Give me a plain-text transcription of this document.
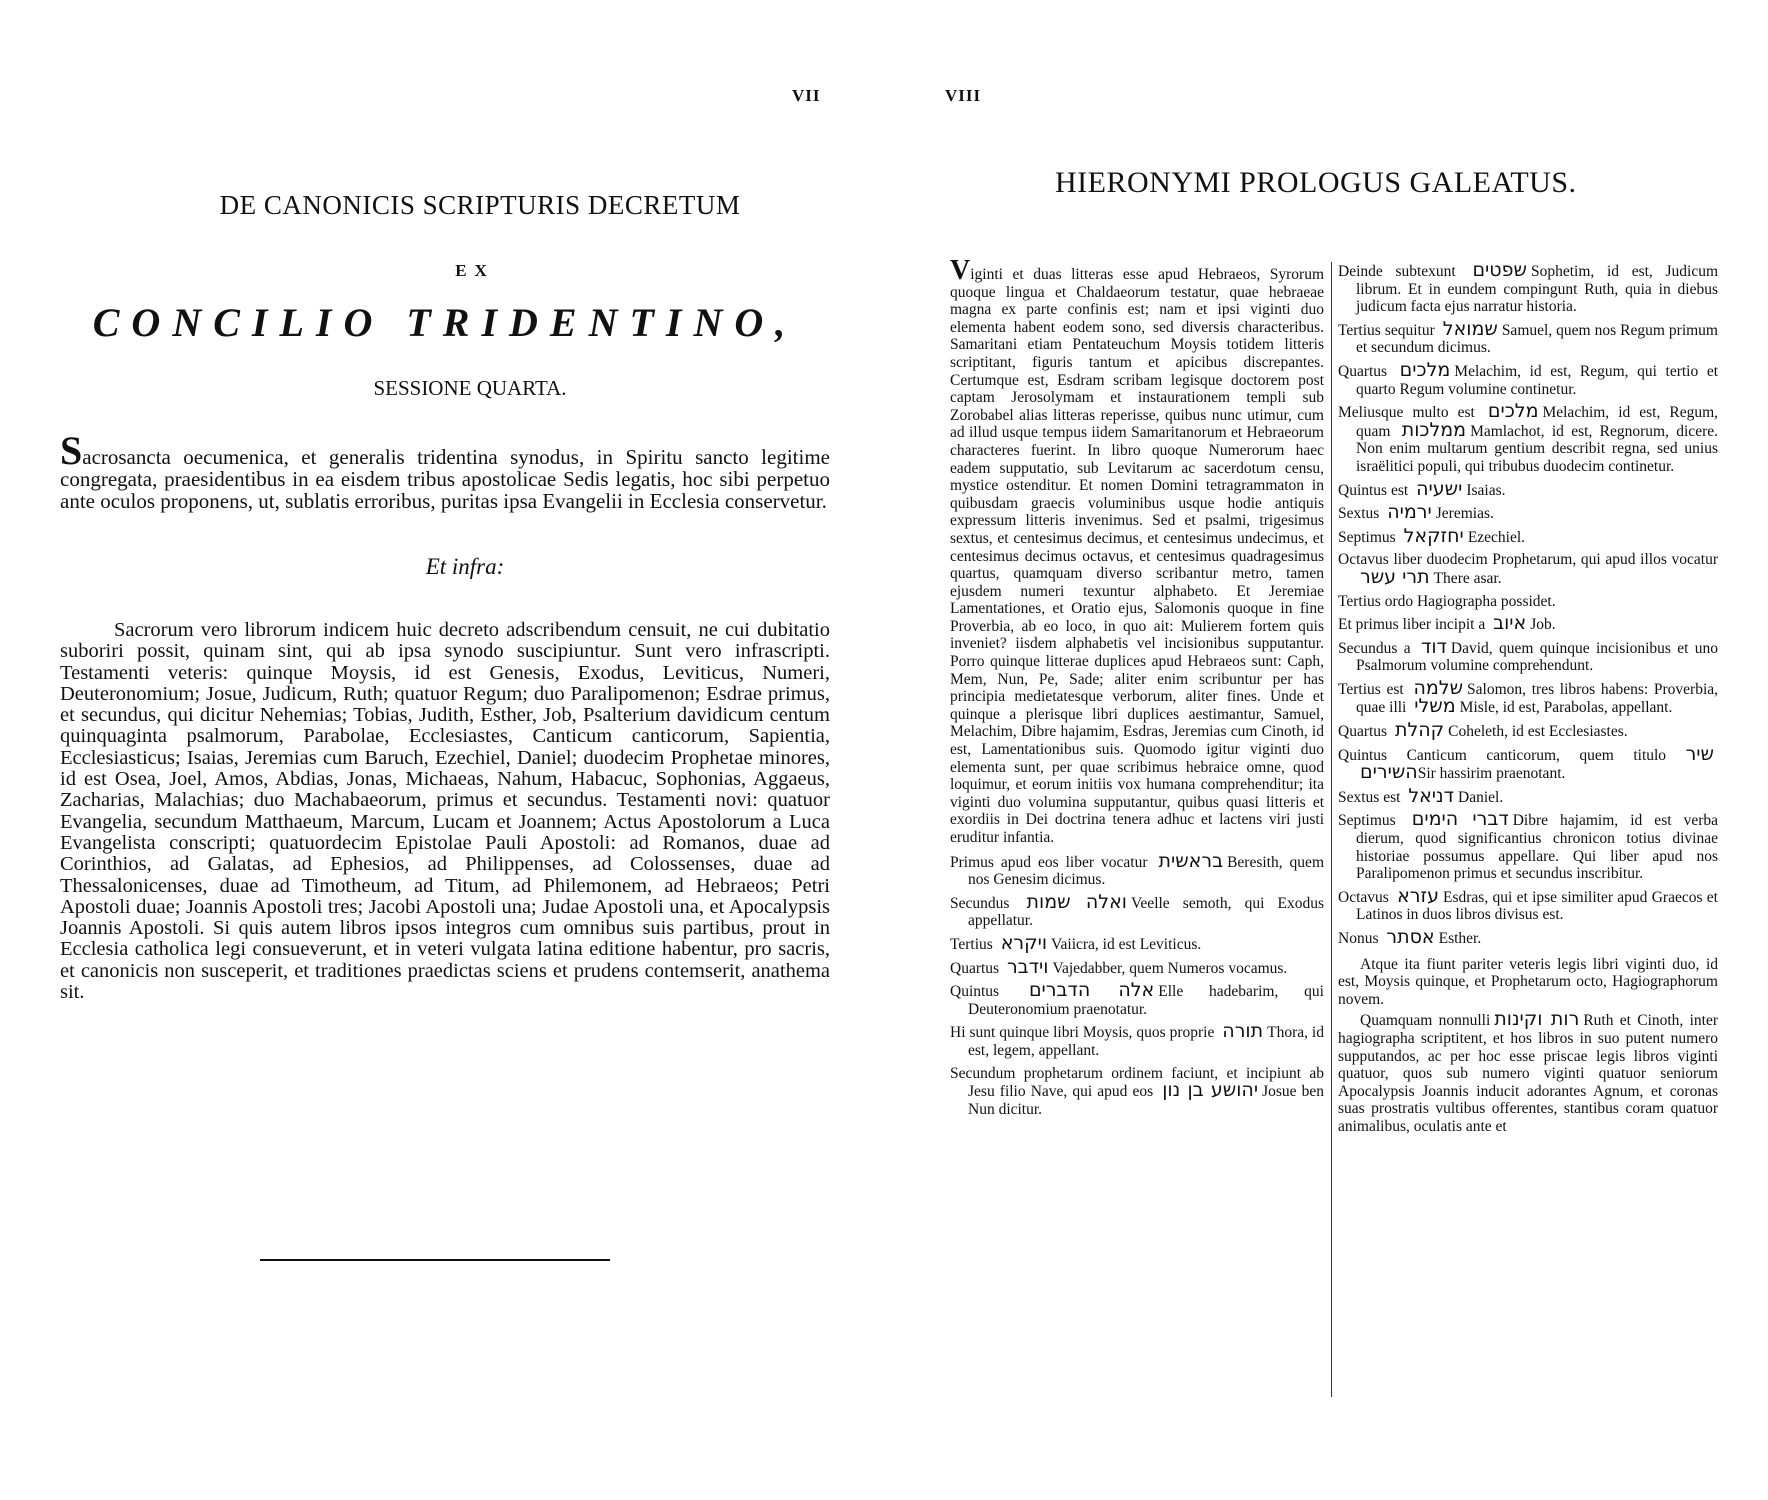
VII	VIII
DE CANONICIS SCRIPTURIS DECRETUM
EX
CONCILIO TRIDENTINO,
SESSIONE QUARTA.
Sacrosancta oecumenica, et generalis tridentina synodus, in Spiritu sancto legitime congregata, praesidentibus in ea eisdem tribus apostolicae Sedis legatis, hoc sibi perpetuo ante oculos proponens, ut, sublatis erroribus, puritas ipsa Evangelii in Ecclesia conservetur.
Et infra:
Sacrorum vero librorum indicem huic decreto adscribendum censuit, ne cui dubitatio suboriri possit, quinam sint, qui ab ipsa synodo suscipiuntur. Sunt vero infrascripti. Testamenti veteris: quinque Moysis, id est Genesis, Exodus, Leviticus, Numeri, Deuteronomium; Josue, Judicum, Ruth; quatuor Regum; duo Paralipomenon; Esdrae primus, et secundus, qui dicitur Nehemias; Tobias, Judith, Esther, Job, Psalterium davidicum centum quinquaginta psalmorum, Parabolae, Ecclesiastes, Canticum canticorum, Sapientia, Ecclesiasticus; Isaias, Jeremias cum Baruch, Ezechiel, Daniel; duodecim Prophetae minores, id est Osea, Joel, Amos, Abdias, Jonas, Michaeas, Nahum, Habacuc, Sophonias, Aggaeus, Zacharias, Malachias; duo Machabaeorum, primus et secundus. Testamenti novi: quatuor Evangelia, secundum Matthaeum, Marcum, Lucam et Joannem; Actus Apostolorum a Luca Evangelista conscripti; quatuordecim Epistolae Pauli Apostoli: ad Romanos, duae ad Corinthios, ad Galatas, ad Ephesios, ad Philippenses, ad Colossenses, duae ad Thessalonicenses, duae ad Timotheum, ad Titum, ad Philemonem, ad Hebraeos; Petri Apostoli duae; Joannis Apostoli tres; Jacobi Apostoli una; Judae Apostoli una, et Apocalypsis Joannis Apostoli. Si quis autem libros ipsos integros cum omnibus suis partibus, prout in Ecclesia catholica legi consueverunt, et in veteri vulgata latina editione habentur, pro sacris, et canonicis non susceperit, et traditiones praedictas sciens et prudens contemserit, anathema sit.
HIERONYMI PROLOGUS GALEATUS.
Viginti et duas litteras esse apud Hebraeos, Syrorum quoque lingua et Chaldaeorum testatur, quae hebraeae magna ex parte confinis est; nam et ipsi viginti duo elementa habent eodem sono, sed diversis characteribus. Samaritani etiam Pentateuchum Moysis totidem litteris scriptitant, figuris tantum et apicibus discrepantes. Certumque est, Esdram scribam legisque doctorem post captam Jerosolymam et instaurationem templi sub Zorobabel alias litteras reperisse, quibus nunc utimur, cum ad illud usque tempus iidem Samaritanorum et Hebraeorum characteres fuerint. In libro quoque Numerorum haec eadem supputatio, sub Levitarum ac sacerdotum censu, mystice ostenditur. Et nomen Domini tetragrammaton in quibusdam graecis voluminibus usque hodie antiquis expressum litteris invenimus. Sed et psalmi, trigesimus sextus, et centesimus decimus, et centesimus undecimus, et centesimus decimus octavus, et centesimus quadragesimus quartus, quamquam diverso scribantur metro, tamen ejusdem numeri texuntur alphabeto. Et Jeremiae Lamentationes, et Oratio ejus, Salomonis quoque in fine Proverbia, ab eo loco, in quo ait: Mulierem fortem quis inveniet? iisdem alphabetis vel incisionibus supputantur. Porro quinque litterae duplices apud Hebraeos sunt: Caph, Mem, Nun, Pe, Sade; aliter enim scribuntur per has principia medietatesque verborum, aliter fines. Unde et quinque a plerisque libri duplices aestimantur, Samuel, Melachim, Dibre hajamim, Esdras, Jeremias cum Cinoth, id est, Lamentationibus suis. Quomodo igitur viginti duo elementa sunt, per quae scribimus hebraice omne, quod loquimur, et eorum initiis vox humana comprehenditur; ita viginti duo volumina supputantur, quibus quasi litteris et exordiis in Dei doctrina tenera adhuc et lactens viri justi eruditur infantia.
Primus apud eos liber vocatur בראשית Beresith, quem nos Genesim dicimus.
Secundus ואלה שמות Veelle semoth, qui Exodus appellatur.
Tertius ויקרא Vaiicra, id est Leviticus.
Quartus וידבר Vajedabber, quem Numeros vocamus.
Quintus אלה הדברים Elle hadebarim, qui Deuteronomium praenotatur.
Hi sunt quinque libri Moysis, quos proprie תורה Thora, id est, legem, appellant.
Secundum prophetarum ordinem faciunt, et incipiunt ab Jesu filio Nave, qui apud eos יהושע בן נון Josue ben Nun dicitur.
Deinde subtexunt שפטים Sophetim, id est, Judicum librum. Et in eundem compingunt Ruth, quia in diebus judicum facta ejus narratur historia.
Tertius sequitur שמואל Samuel, quem nos Regum primum et secundum dicimus.
Quartus מלכים Melachim, id est, Regum, qui tertio et quarto Regum volumine continetur.
Meliusque multo est מלכים Melachim, id est, Regum, quam ממלכות Mamlachot, id est, Regnorum, dicere. Non enim multarum gentium describit regna, sed unius israëlitici populi, qui tribubus duodecim continetur.
Quintus est ישעיה Isaias.
Sextus ירמיה Jeremias.
Septimus יחזקאל Ezechiel.
Octavus liber duodecim Prophetarum, qui apud illos vocatur תרי עשר There asar.
Tertius ordo Hagiographa possidet.
Et primus liber incipit a איוב Job.
Secundus a דוד David, quem quinque incisionibus et uno Psalmorum volumine comprehendunt.
Tertius est שלמה Salomon, tres libros habens: Proverbia, quae illi משלי Misle, id est, Parabolas, appellant.
Quartus קהלת Coheleth, id est Ecclesiastes.
Quintus Canticum canticorum, quem titulo שיר השיריםSir hassirim praenotant.
Sextus est דניאל Daniel.
Septimus דברי הימים Dibre hajamim, id est verba dierum, quod significantius chronicon totius divinae historiae possumus appellare. Qui liber apud nos Paralipomenon primus et secundus inscribitur.
Octavus עזרא Esdras, qui et ipse similiter apud Graecos et Latinos in duos libros divisus est.
Nonus אסתר Esther.
Atque ita fiunt pariter veteris legis libri viginti duo, id est, Moysis quinque, et Prophetarum octo, Hagiographorum novem.
Quamquam nonnulli רות וקינות Ruth et Cinoth, inter hagiographa scriptitent, et hos libros in suo putent numero supputandos, ac per hoc esse priscae legis libros viginti quatuor, quos sub numero viginti quatuor seniorum Apocalypsis Joannis inducit adorantes Agnum, et coronas suas prostratis vultibus offerentes, stantibus coram quatuor animalibus, oculatis ante et
